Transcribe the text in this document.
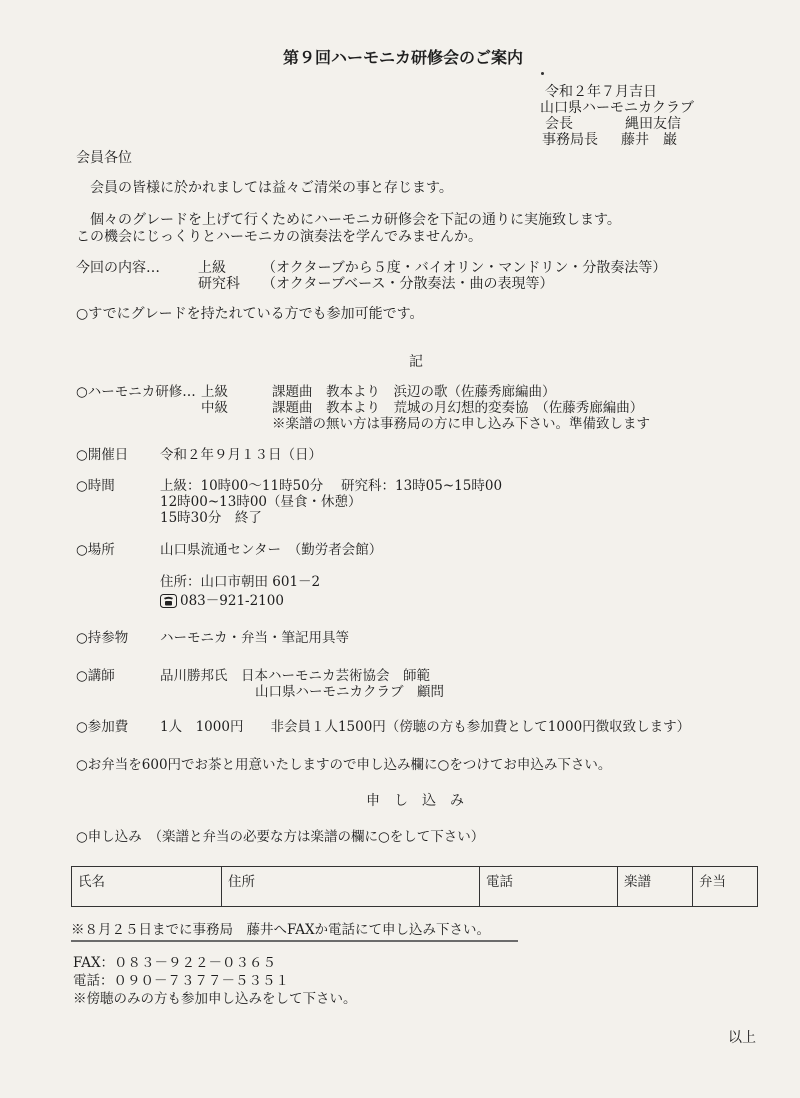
第９回ハーモニカ研修会のご案内
令和２年７月吉日
山口県ハーモニカクラブ
会長	縄田友信
事務局長 藤井　巌
会員各位
会員の皆様に於かれましては益々ご清栄の事と存じます。
個々のグレードを上げて行くためにハーモニカ研修会を下記の通りに実施致します。
この機会にじっくりとハーモニカの演奏法を学んでみませんか。
今回の内容…	上級	（オクターブから５度・バイオリン・マンドリン・分散奏法等）
研究科 （オクターブベース・分散奏法・曲の表現等）
○すでにグレードを持たれている方でも参加可能です。
記
○ハーモニカ研修… 上級	課題曲　教本より　浜辺の歌（佐藤秀廊編曲）
中級	課題曲　教本より　荒城の月幻想的変奏協　（佐藤秀廊編曲）
※楽譜の無い方は事務局の方に申し込み下さい。準備致します
○開催日 令和２年９月１３日（日）
○時間	上級：10時00～11時50分　 研究科：13時05~15時00
12時00~13時00（昼食・休憩）
15時30分　終了
○場所	山口県流通センター　（勤労者会館）
住所：山口市朝田 601－2
083－921-2100
○持参物 ハーモニカ・弁当・筆記用具等
○講師	品川勝邦氏　日本ハーモニカ芸術協会　師範
山口県ハーモニカクラブ　顧問
○参加費 1人　1000円　　非会員１人1500円（傍聴の方も参加費として1000円徴収致します）
○お弁当を600円でお茶と用意いたしますので申し込み欄に○をつけてお申込み下さい。
申　し　込　み
○申し込み　（楽譜と弁当の必要な方は楽譜の欄に○をして下さい）
氏名	住所	電話	楽譜	弁当
※８月２５日までに事務局　藤井へFAXか電話にて申し込み下さい。
FAX：０８３－９２２－０３６５
電話：０９０－７３７７－５３５１
※傍聴のみの方も参加申し込みをして下さい。
以上
